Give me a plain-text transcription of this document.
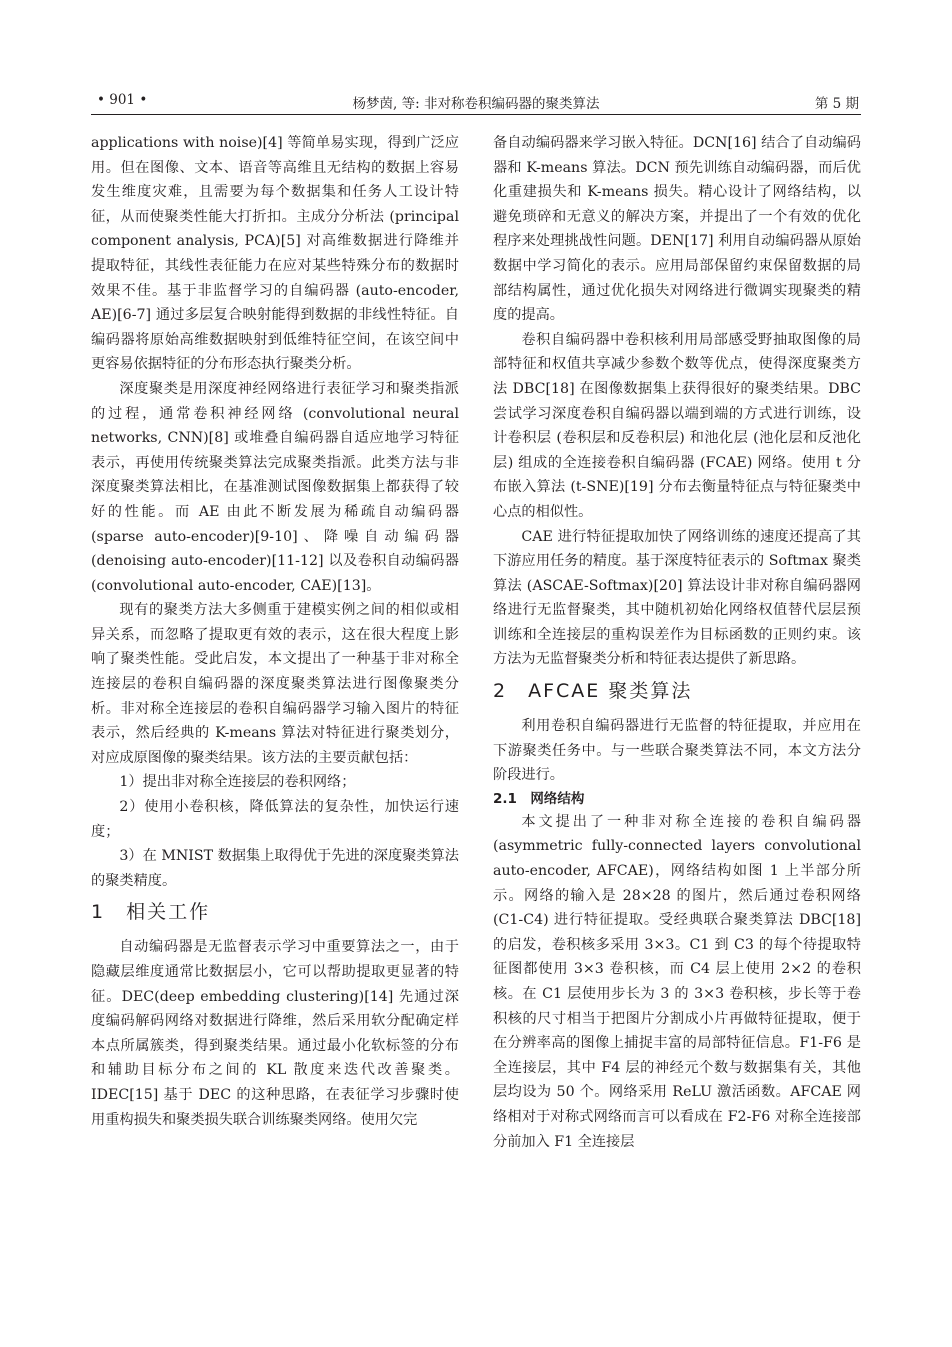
• 901 •	杨梦茵, 等: 非对称卷积编码器的聚类算法	第 5 期

applications with noise)[4] 等简单易实现，得到广泛应用。但在图像、文本、语音等高维且无结构的数据上容易发生维度灾难，且需要为每个数据集和任务人工设计特征，从而使聚类性能大打折扣。主成分分析法 (principal component analysis, PCA)[5] 对高维数据进行降维并提取特征，其线性表征能力在应对某些特殊分布的数据时效果不佳。基于非监督学习的自编码器 (auto-encoder, AE)[6-7] 通过多层复合映射能得到数据的非线性特征。自编码器将原始高维数据映射到低维特征空间，在该空间中更容易依据特征的分布形态执行聚类分析。

深度聚类是用深度神经网络进行表征学习和聚类指派的过程，通常卷积神经网络 (convolutional neural networks, CNN)[8] 或堆叠自编码器自适应地学习特征表示，再使用传统聚类算法完成聚类指派。此类方法与非深度聚类算法相比，在基准测试图像数据集上都获得了较好的性能。而 AE 由此不断发展为稀疏自动编码器 (sparse auto-encoder)[9-10]、降噪自动编码器 (denoising auto-encoder)[11-12] 以及卷积自动编码器 (convolutional auto-encoder, CAE)[13]。

现有的聚类方法大多侧重于建模实例之间的相似或相异关系，而忽略了提取更有效的表示，这在很大程度上影响了聚类性能。受此启发，本文提出了一种基于非对称全连接层的卷积自编码器的深度聚类算法进行图像聚类分析。非对称全连接层的卷积自编码器学习输入图片的特征表示，然后经典的 K-means 算法对特征进行聚类划分，对应成原图像的聚类结果。该方法的主要贡献包括：

1）提出非对称全连接层的卷积网络；

2）使用小卷积核，降低算法的复杂性，加快运行速度；

3）在 MNIST 数据集上取得优于先进的深度聚类算法的聚类精度。

1　相关工作

自动编码器是无监督表示学习中重要算法之一，由于隐藏层维度通常比数据层小，它可以帮助提取更显著的特征。DEC(deep embedding clustering)[14] 先通过深度编码解码网络对数据进行降维，然后采用软分配确定样本点所属簇类，得到聚类结果。通过最小化软标签的分布和辅助目标分布之间的 KL 散度来迭代改善聚类。IDEC[15] 基于 DEC 的这种思路，在表征学习步骤时使用重构损失和聚类损失联合训练聚类网络。使用欠完

备自动编码器来学习嵌入特征。DCN[16] 结合了自动编码器和 K-means 算法。DCN 预先训练自动编码器，而后优化重建损失和 K-means 损失。精心设计了网络结构，以避免琐碎和无意义的解决方案，并提出了一个有效的优化程序来处理挑战性问题。DEN[17] 利用自动编码器从原始数据中学习简化的表示。应用局部保留约束保留数据的局部结构属性，通过优化损失对网络进行微调实现聚类的精度的提高。

卷积自编码器中卷积核利用局部感受野抽取图像的局部特征和权值共享减少参数个数等优点，使得深度聚类方法 DBC[18] 在图像数据集上获得很好的聚类结果。DBC 尝试学习深度卷积自编码器以端到端的方式进行训练，设计卷积层 (卷积层和反卷积层) 和池化层 (池化层和反池化层) 组成的全连接卷积自编码器 (FCAE) 网络。使用 t 分布嵌入算法 (t-SNE)[19] 分布去衡量特征点与特征聚类中心点的相似性。

CAE 进行特征提取加快了网络训练的速度还提高了其下游应用任务的精度。基于深度特征表示的 Softmax 聚类算法 (ASCAE-Softmax)[20] 算法设计非对称自编码器网络进行无监督聚类，其中随机初始化网络权值替代层层预训练和全连接层的重构误差作为目标函数的正则约束。该方法为无监督聚类分析和特征表达提供了新思路。

2　AFCAE 聚类算法

利用卷积自编码器进行无监督的特征提取，并应用在下游聚类任务中。与一些联合聚类算法不同，本文方法分阶段进行。

2.1　网络结构

本文提出了一种非对称全连接的卷积自编码器 (asymmetric fully-connected layers convolutional auto-encoder, AFCAE)，网络结构如图 1 上半部分所示。网络的输入是 28×28 的图片，然后通过卷积网络 (C1-C4) 进行特征提取。受经典联合聚类算法 DBC[18] 的启发，卷积核多采用 3×3。C1 到 C3 的每个待提取特征图都使用 3×3 卷积核，而 C4 层上使用 2×2 的卷积核。在 C1 层使用步长为 3 的 3×3 卷积核，步长等于卷积核的尺寸相当于把图片分割成小片再做特征提取，便于在分辨率高的图像上捕捉丰富的局部特征信息。F1-F6 是全连接层，其中 F4 层的神经元个数与数据集有关，其他层均设为 50 个。网络采用 ReLU 激活函数。AFCAE 网络相对于对称式网络而言可以看成在 F2-F6 对称全连接部分前加入 F1 全连接层
